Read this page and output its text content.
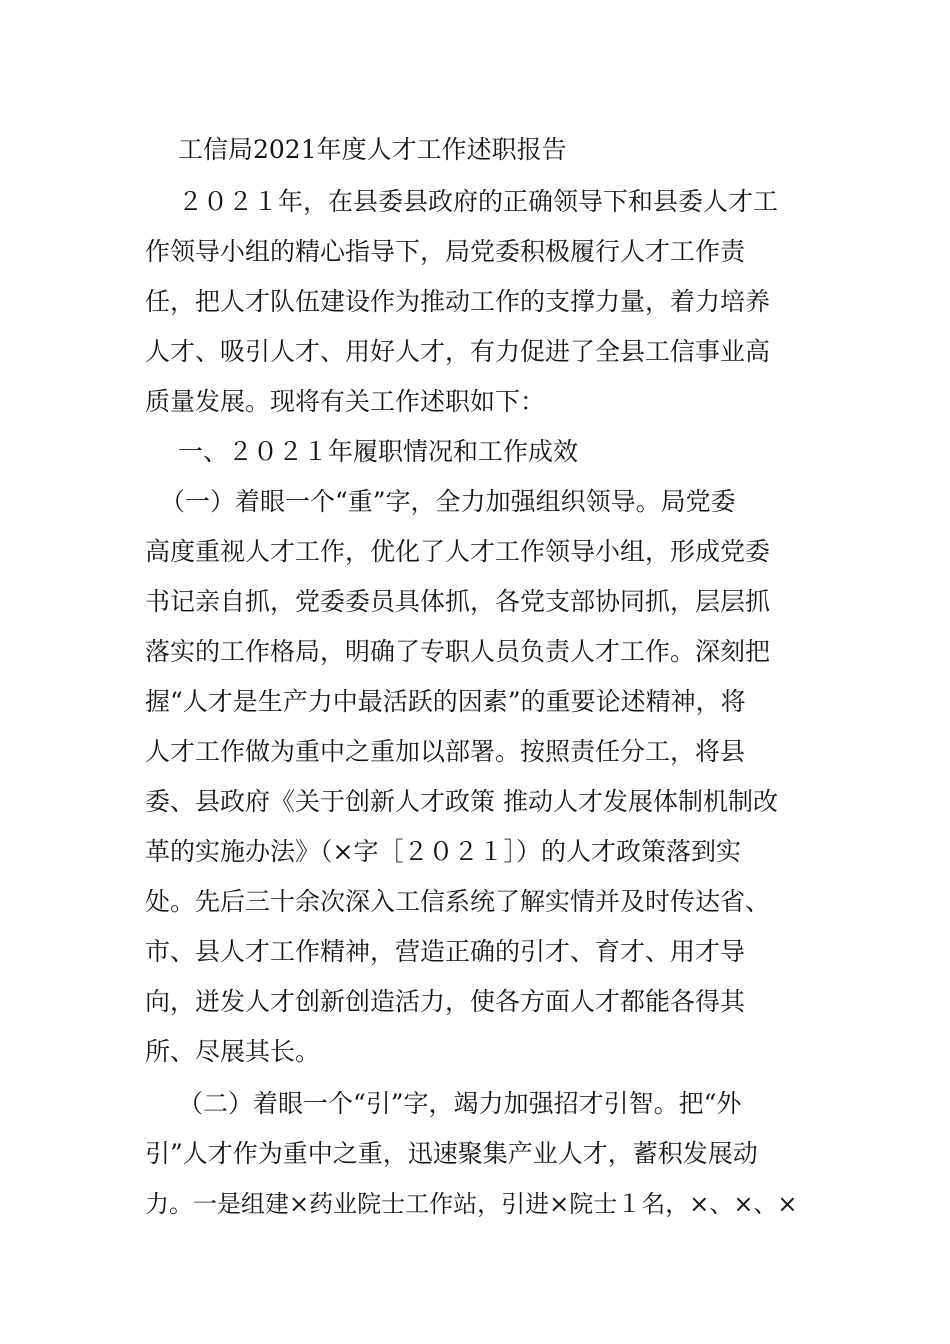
工信局2021年度人才工作述职报告

２０２１年，在县委县政府的正确领导下和县委人才工

作领导小组的精心指导下，局党委积极履行人才工作责

任，把人才队伍建设作为推动工作的支撑力量，着力培养

人才、吸引人才、用好人才，有力促进了全县工信事业高

质量发展。现将有关工作述职如下：

一、２０２１年履职情况和工作成效

（一）着眼一个“重”字，全力加强组织领导。局党委

高度重视人才工作，优化了人才工作领导小组，形成党委

书记亲自抓，党委委员具体抓，各党支部协同抓，层层抓

落实的工作格局，明确了专职人员负责人才工作。深刻把

握“人才是生产力中最活跃的因素”的重要论述精神，将

人才工作做为重中之重加以部署。按照责任分工，将县

委、县政府《关于创新人才政策 推动人才发展体制机制改

革的实施办法》（×字［２０２１］）的人才政策落到实

处。先后三十余次深入工信系统了解实情并及时传达省、

市、县人才工作精神，营造正确的引才、育才、用才导

向，迸发人才创新创造活力，使各方面人才都能各得其

所、尽展其长。

（二）着眼一个“引”字，竭力加强招才引智。把“外

引”人才作为重中之重，迅速聚集产业人才，蓄积发展动

力。一是组建×药业院士工作站，引进×院士１名，×、×、×
